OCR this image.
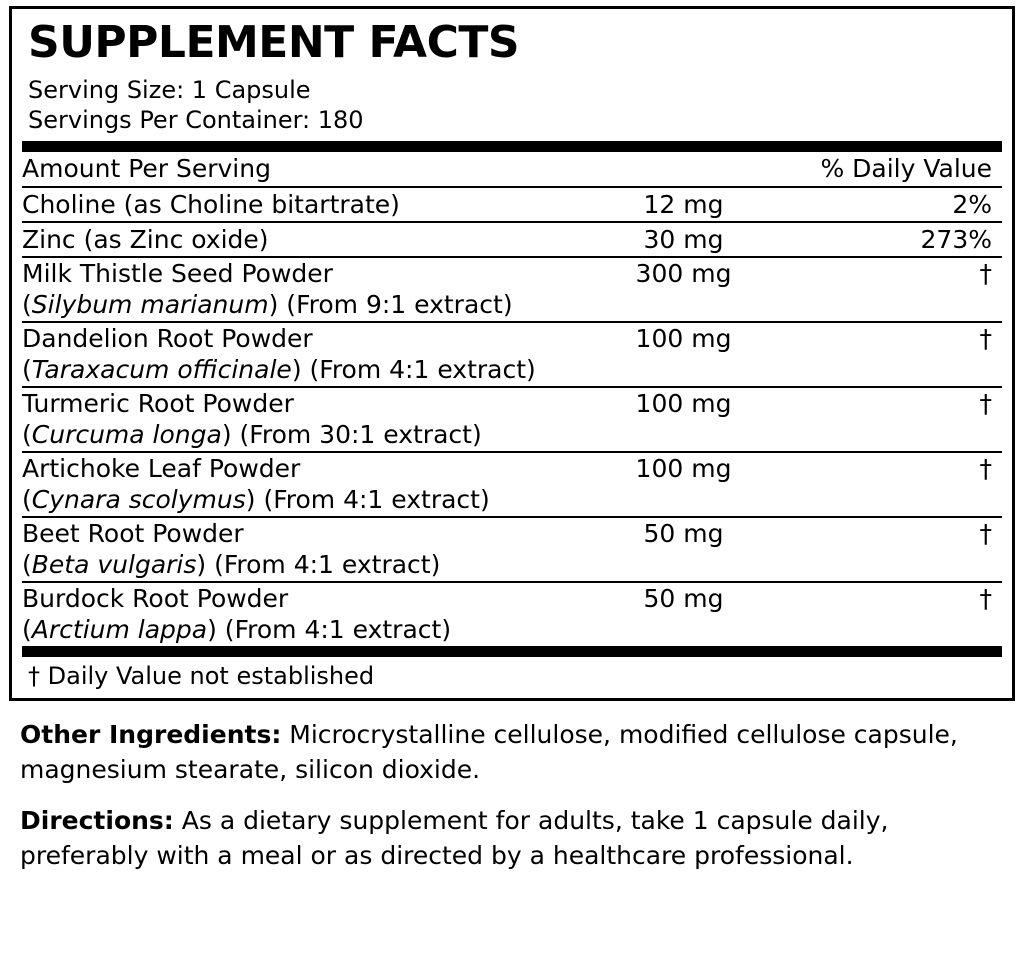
SUPPLEMENT FACTS
Serving Size: 1 Capsule
Servings Per Container: 180
Amount Per Serving		% Daily Value

Choline (as Choline bitartrate)	12 mg	2%

Zinc (as Zinc oxide)	30 mg	273%

Milk Thistle Seed Powder
(Silybum marianum) (From 9:1 extract)	300 mg	†

Dandelion Root Powder
(Taraxacum officinale) (From 4:1 extract)	100 mg	†

Turmeric Root Powder
(Curcuma longa) (From 30:1 extract)	100 mg	†

Artichoke Leaf Powder
(Cynara scolymus) (From 4:1 extract)	100 mg	†

Beet Root Powder
(Beta vulgaris) (From 4:1 extract)	50 mg	†

Burdock Root Powder
(Arctium lappa) (From 4:1 extract)	50 mg	†
† Daily Value not established

Other Ingredients: Microcrystalline cellulose, modified cellulose capsule, magnesium stearate, silicon dioxide.

Directions: As a dietary supplement for adults, take 1 capsule daily, preferably with a meal or as directed by a healthcare professional.
